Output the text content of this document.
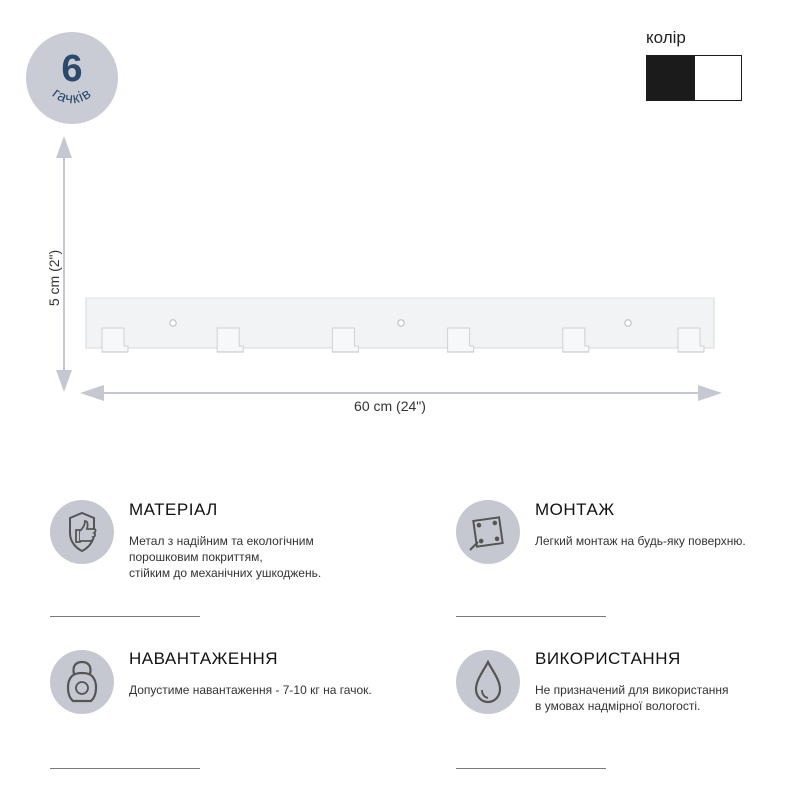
6
гачків
колір
5 cm (2")
60 cm (24")
МАТЕРІАЛ
Метал з надійним та екологічним
порошковим покриттям,
стійким до механічних ушкоджень.
МОНТАЖ
Легкий монтаж на будь-яку поверхню.
НАВАНТАЖЕННЯ
Допустиме навантаження - 7-10 кг на гачок.
ВИКОРИСТАННЯ
Не призначений для використання
в умовах надмірної вологості.
